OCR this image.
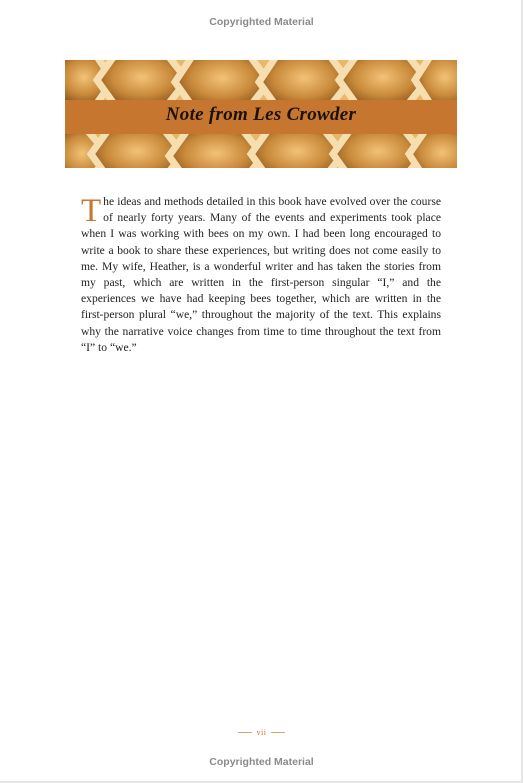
Copyrighted Material
Note from Les Crowder
T he ideas and methods detailed in this book have evolved over the course of nearly forty years. Many of the events and experiments took place when I was working with bees on my own. I had been long encouraged to write a book to share these experiences, but writing does not come easily to me. My wife, Heather, is a wonderful writer and has taken the stories from my past, which are written in the first-person singular “I,” and the experiences we have had keeping bees together, which are written in the first-person plural “we,” throughout the majority of the text. This explains why the narrative voice changes from time to time throughout the text from “I” to “we.”
vii
Copyrighted Material
